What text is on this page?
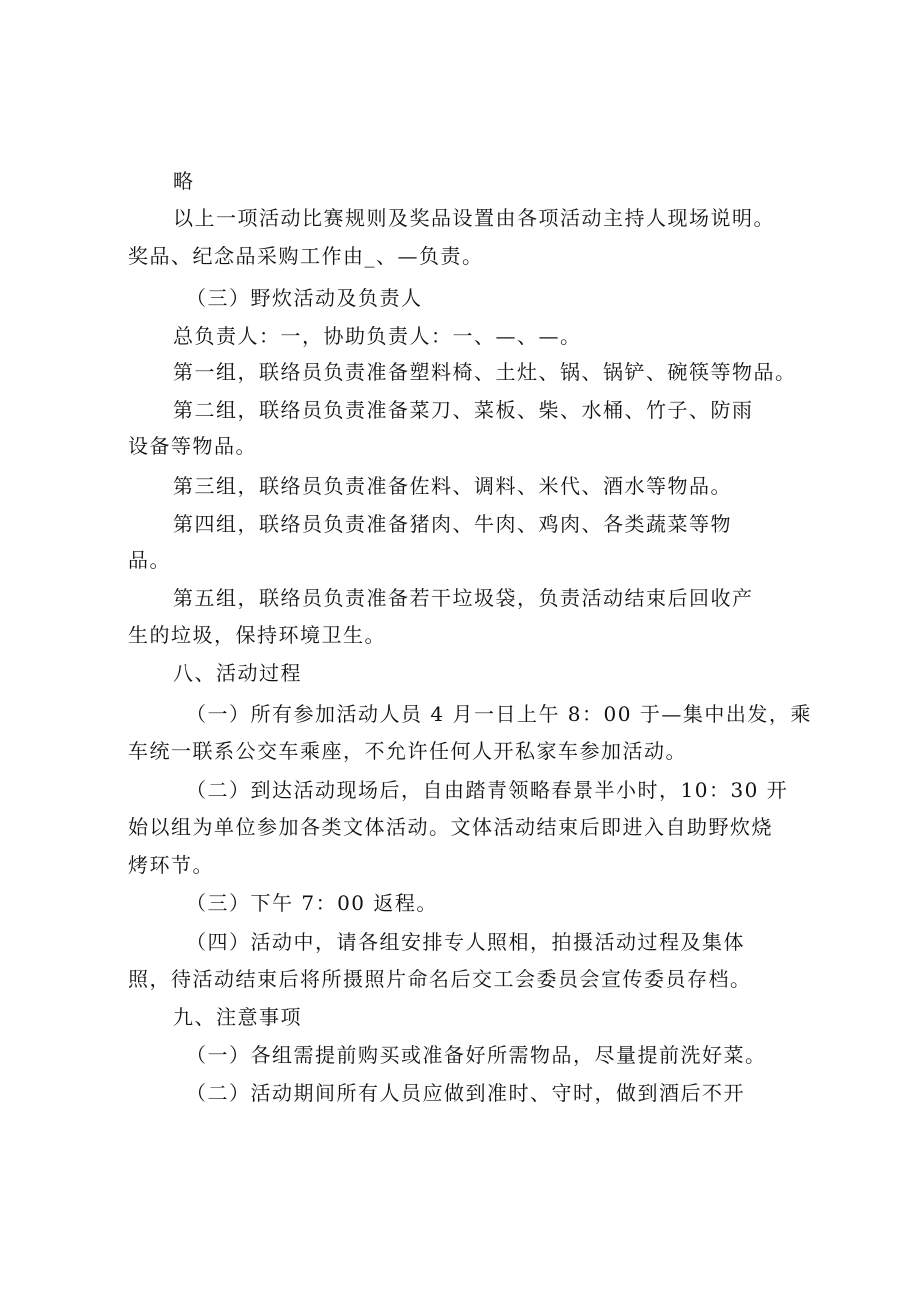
略
以上一项活动比赛规则及奖品设置由各项活动主持人现场说明。
奖品、纪念品采购工作由_、—负责。
（三）野炊活动及负责人
总负责人：一，协助负责人：一、—、—。
第一组，联络员负责准备塑料椅、土灶、锅、锅铲、碗筷等物品。
第二组，联络员负责准备菜刀、菜板、柴、水桶、竹子、防雨
设备等物品。
第三组，联络员负责准备佐料、调料、米代、酒水等物品。
第四组，联络员负责准备猪肉、牛肉、鸡肉、各类蔬菜等物
品。
第五组，联络员负责准备若干垃圾袋，负责活动结束后回收产
生的垃圾，保持环境卫生。
八、活动过程
（一）所有参加活动人员 4 月一日上午 8：00 于—集中出发，乘
车统一联系公交车乘座，不允许任何人开私家车参加活动。
（二）到达活动现场后，自由踏青领略春景半小时，10：30 开
始以组为单位参加各类文体活动。文体活动结束后即进入自助野炊烧
烤环节。
（三）下午 7：00 返程。
（四）活动中，请各组安排专人照相，拍摄活动过程及集体
照，待活动结束后将所摄照片命名后交工会委员会宣传委员存档。
九、注意事项
（一）各组需提前购买或准备好所需物品，尽量提前洗好菜。
（二）活动期间所有人员应做到准时、守时，做到酒后不开
